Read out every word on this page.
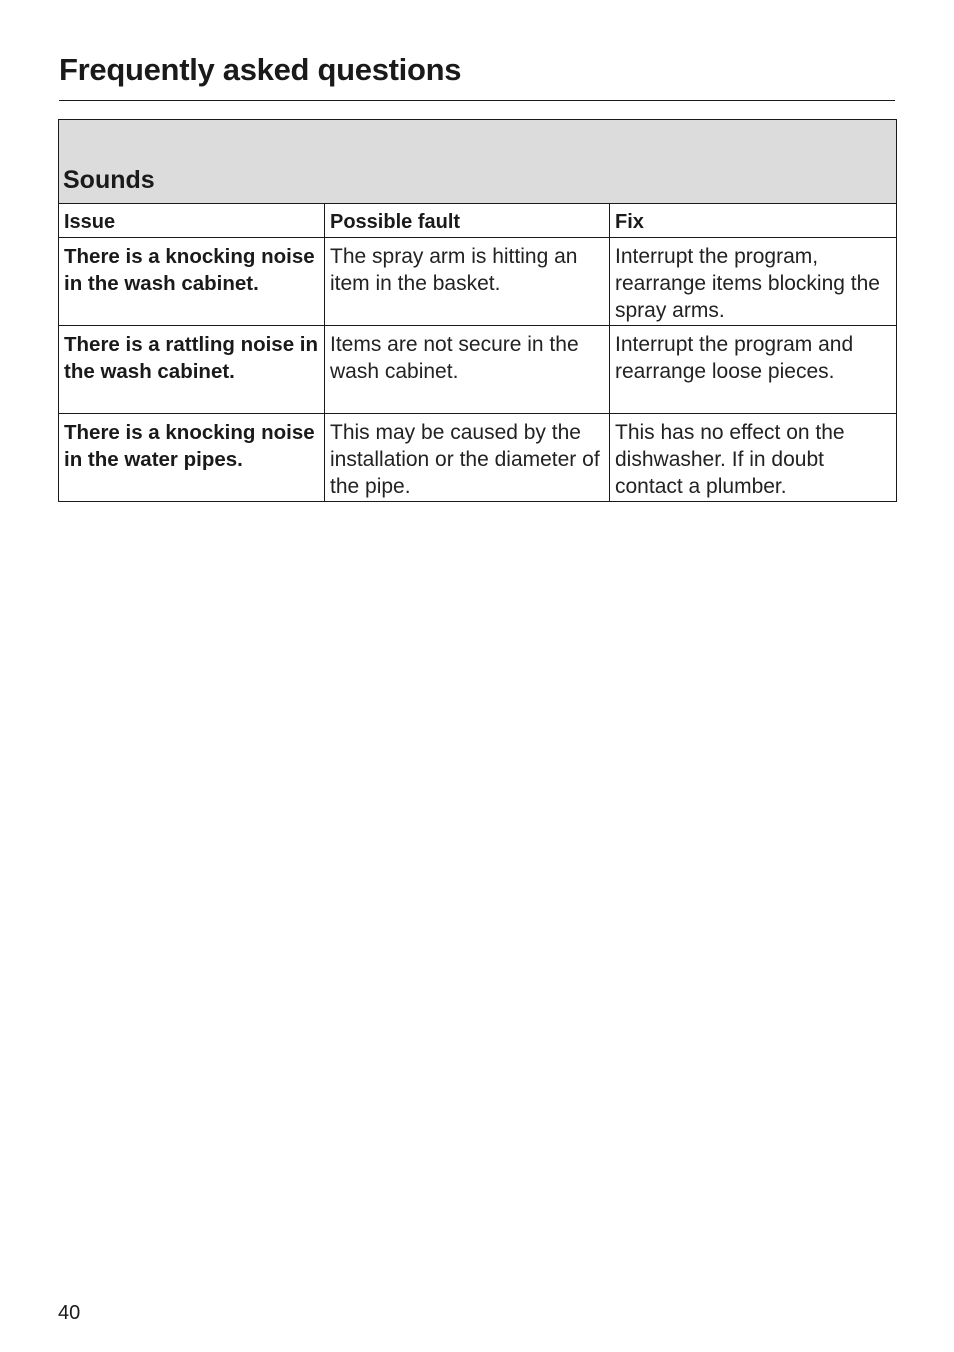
Frequently asked questions
Sounds		
Issue	Possible fault	Fix
There is a knocking noise in the wash cabinet.	The spray arm is hitting an item in the basket.	Interrupt the program, rearrange items blocking the spray arms.
There is a rattling noise in the wash cabinet.	Items are not secure in the wash cabinet.	Interrupt the program and rearrange loose pieces.
There is a knocking noise in the water pipes.	This may be caused by the installation or the diameter of the pipe.	This has no effect on the dishwasher. If in doubt contact a plumber.
40
